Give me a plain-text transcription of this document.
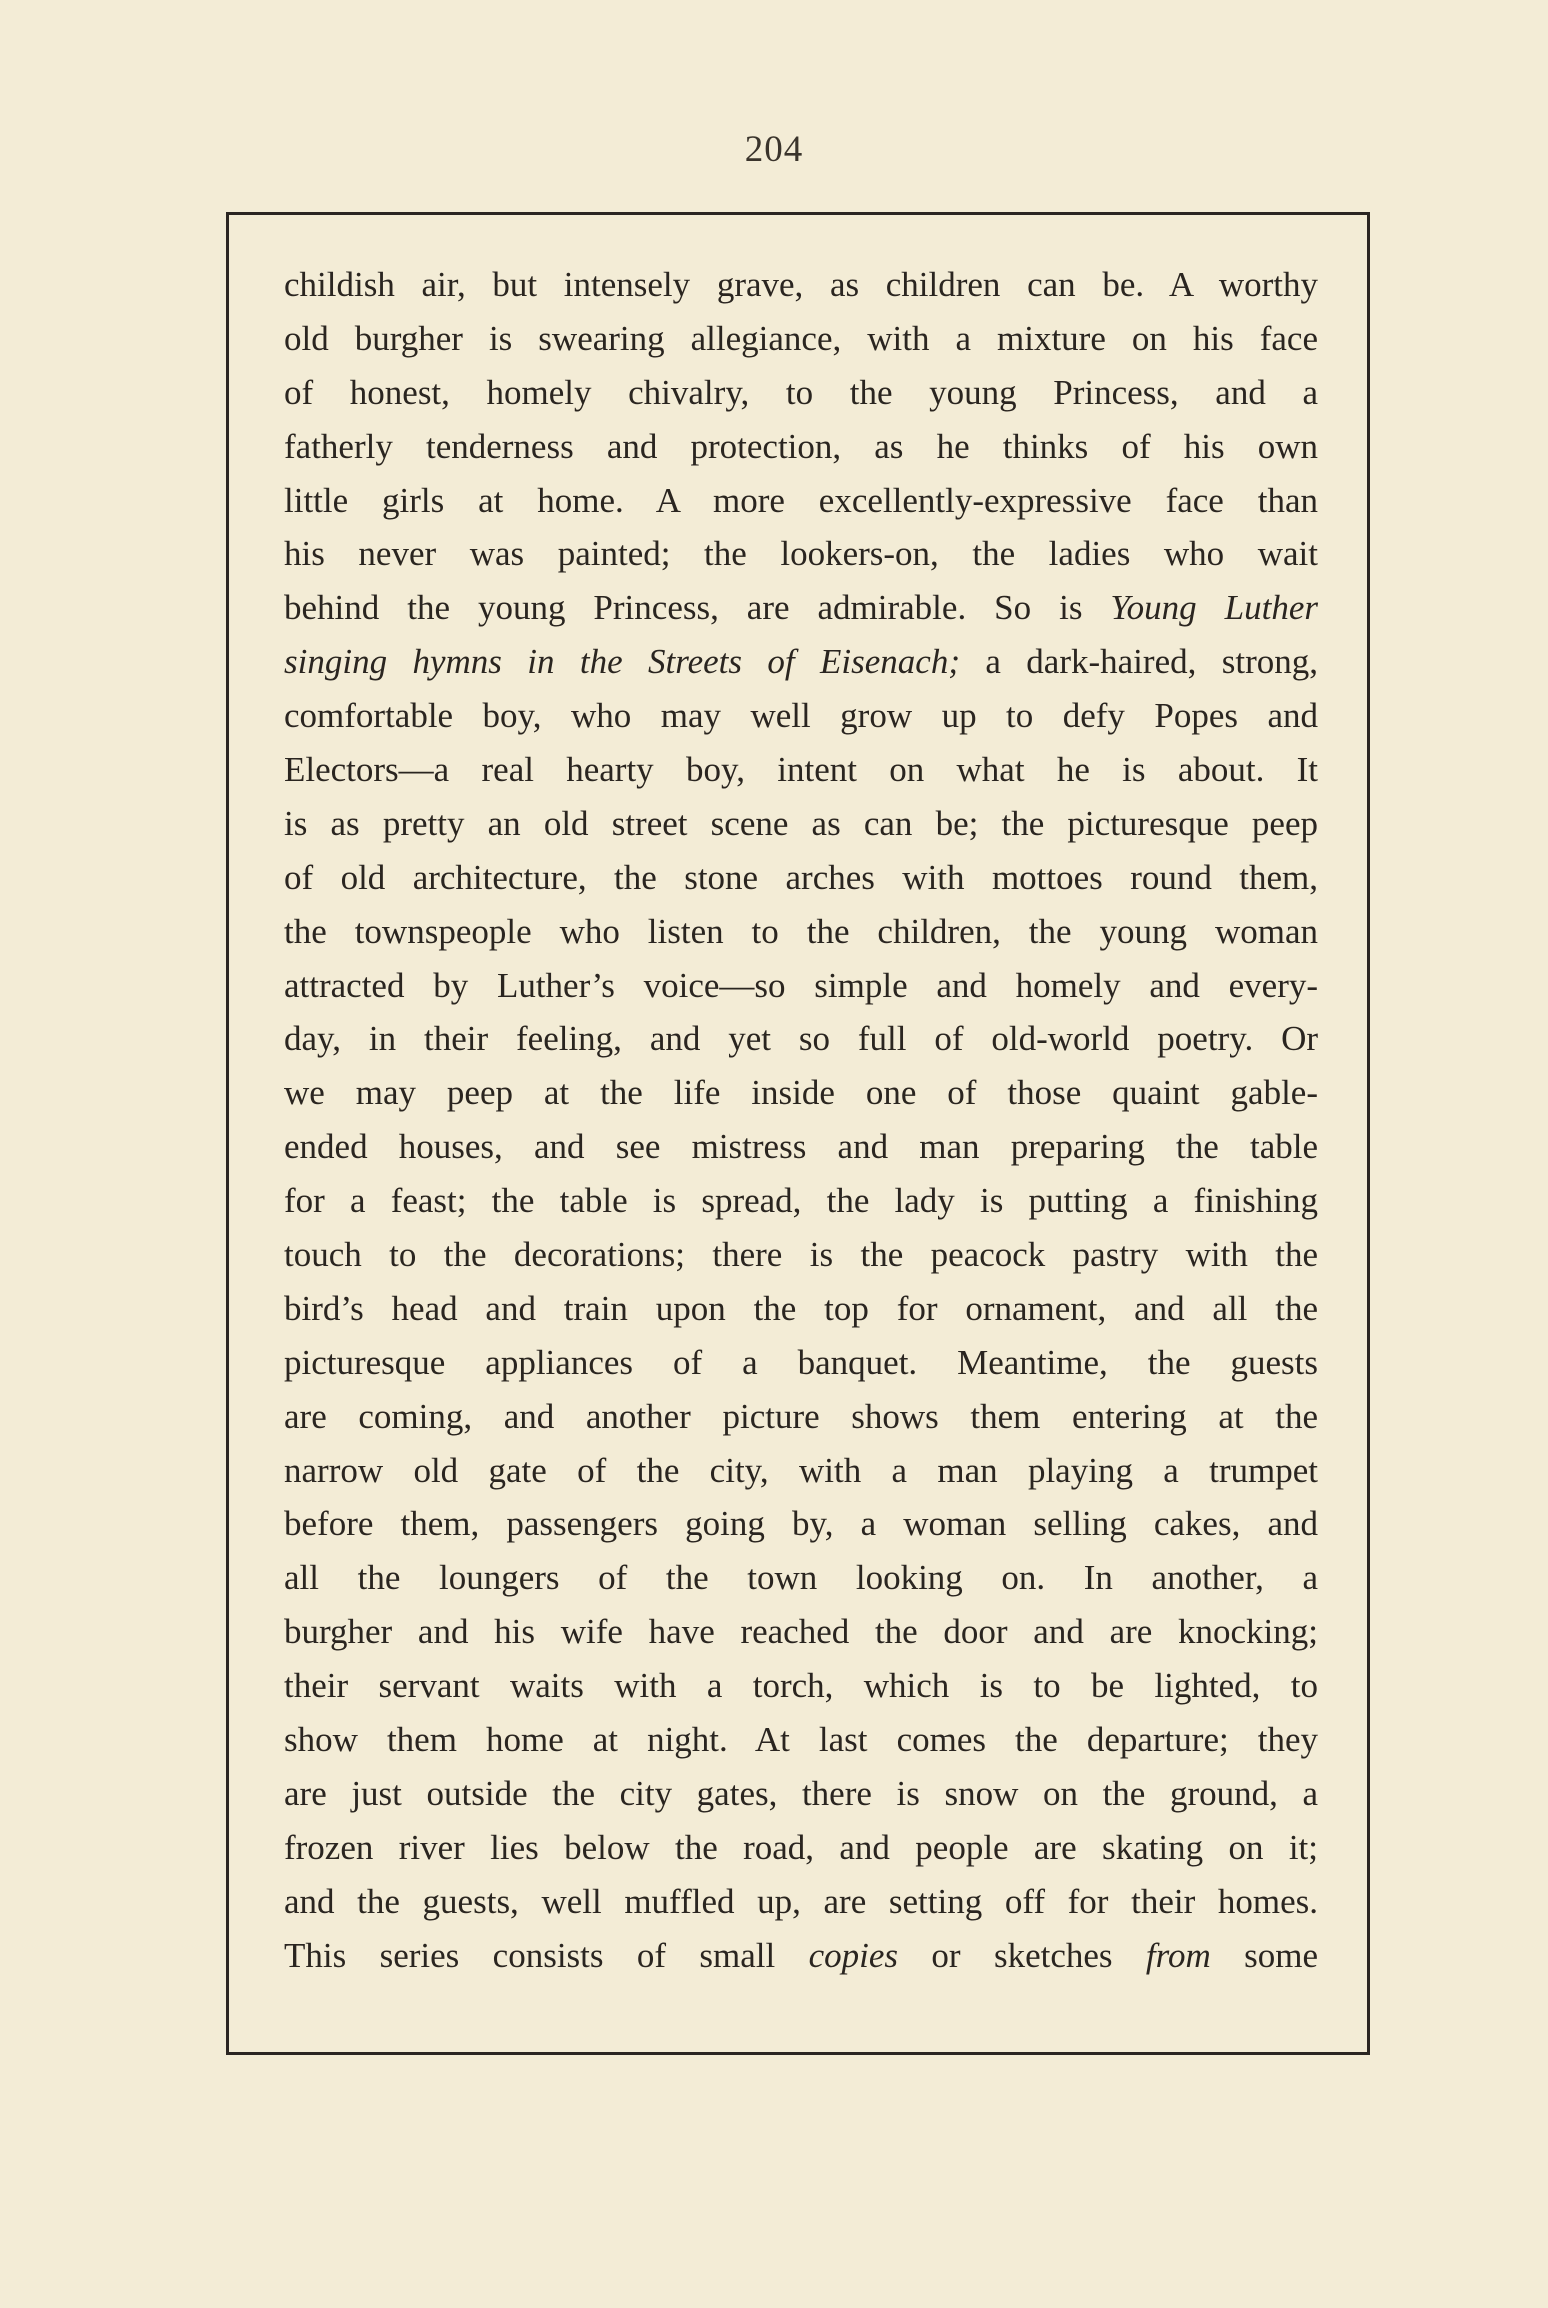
204
childish air, but intensely grave, as children can be. A worthy
old burgher is swearing allegiance, with a mixture on his face
of honest, homely chivalry, to the young Princess, and a
fatherly tenderness and protection, as he thinks of his own
little girls at home. A more excellently-expressive face than
his never was painted; the lookers-on, the ladies who wait
behind the young Princess, are admirable. So is Young Luther
singing hymns in the Streets of Eisenach; a dark-haired, strong,
comfortable boy, who may well grow up to defy Popes and
Electors—a real hearty boy, intent on what he is about. It
is as pretty an old street scene as can be; the picturesque peep
of old architecture, the stone arches with mottoes round them,
the townspeople who listen to the children, the young woman
attracted by Luther’s voice—so simple and homely and every-
day, in their feeling, and yet so full of old-world poetry. Or
we may peep at the life inside one of those quaint gable-
ended houses, and see mistress and man preparing the table
for a feast; the table is spread, the lady is putting a finishing
touch to the decorations; there is the peacock pastry with the
bird’s head and train upon the top for ornament, and all the
picturesque appliances of a banquet. Meantime, the guests
are coming, and another picture shows them entering at the
narrow old gate of the city, with a man playing a trumpet
before them, passengers going by, a woman selling cakes, and
all the loungers of the town looking on. In another, a
burgher and his wife have reached the door and are knocking;
their servant waits with a torch, which is to be lighted, to
show them home at night. At last comes the departure; they
are just outside the city gates, there is snow on the ground, a
frozen river lies below the road, and people are skating on it;
and the guests, well muffled up, are setting off for their homes.
This series consists of small copies or sketches from some
